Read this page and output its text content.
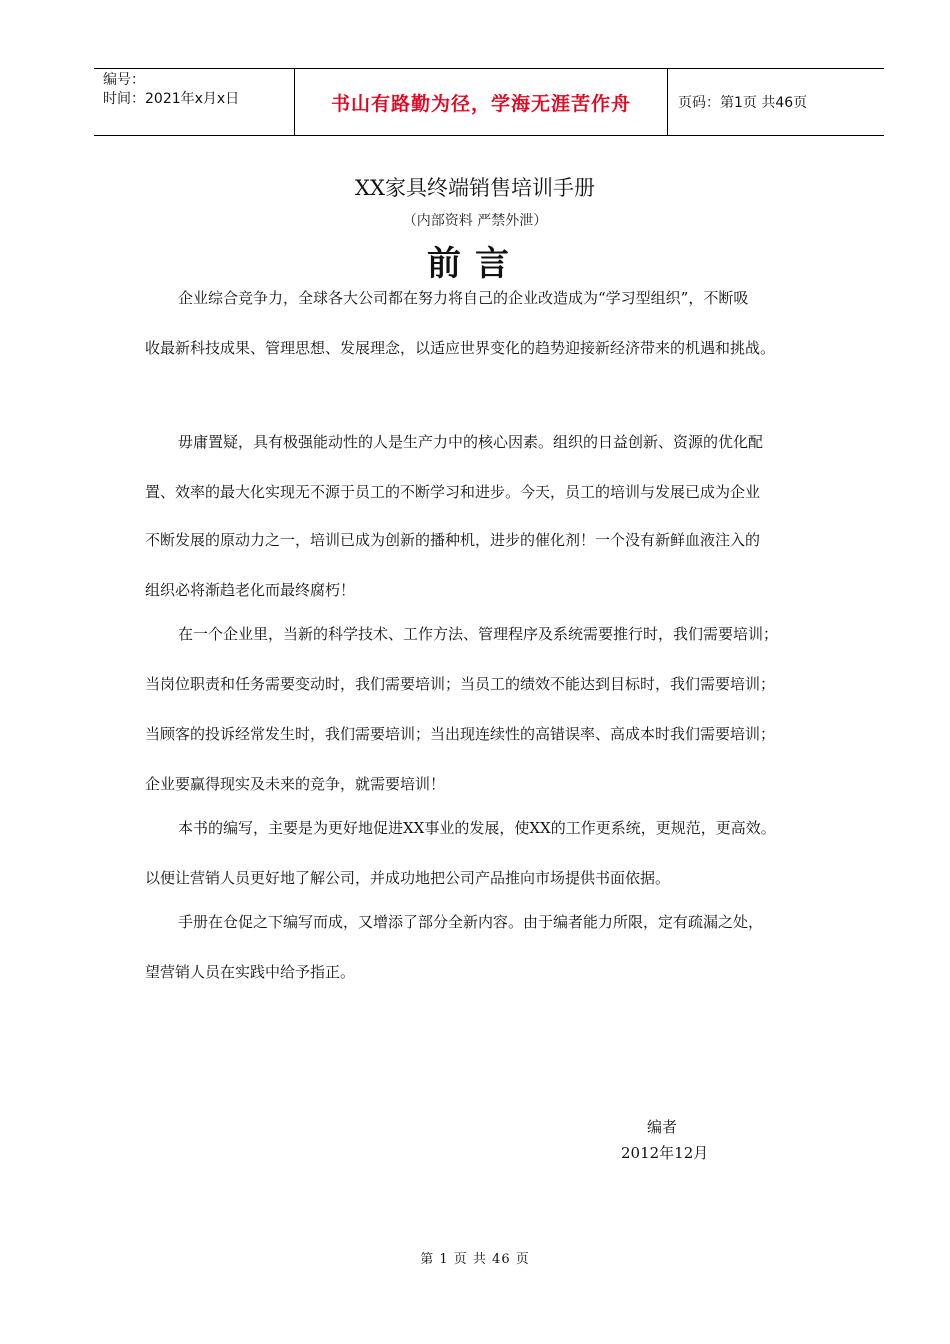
编号：
时间：2021年x月x日	书山有路勤为径，学海无涯苦作舟	页码：第1页 共46页
XX家具终端销售培训手册
（内部资料 严禁外泄）
前言
企业综合竞争力，全球各大公司都在努力将自己的企业改造成为“学习型组织”，不断吸
收最新科技成果、管理思想、发展理念，以适应世界变化的趋势迎接新经济带来的机遇和挑战。
毋庸置疑，具有极强能动性的人是生产力中的核心因素。组织的日益创新、资源的优化配
置、效率的最大化实现无不源于员工的不断学习和进步。今天，员工的培训与发展已成为企业
不断发展的原动力之一，培训已成为创新的播种机，进步的催化剂！一个没有新鲜血液注入的
组织必将渐趋老化而最终腐朽！
在一个企业里，当新的科学技术、工作方法、管理程序及系统需要推行时，我们需要培训；
当岗位职责和任务需要变动时，我们需要培训；当员工的绩效不能达到目标时，我们需要培训；
当顾客的投诉经常发生时，我们需要培训；当出现连续性的高错误率、高成本时我们需要培训；
企业要赢得现实及未来的竞争，就需要培训！
本书的编写，主要是为更好地促进XX事业的发展，使XX的工作更系统，更规范，更高效。
以便让营销人员更好地了解公司，并成功地把公司产品推向市场提供书面依据。
手册在仓促之下编写而成，又增添了部分全新内容。由于编者能力所限，定有疏漏之处，
望营销人员在实践中给予指正。
编者
2012年12月
第 1 页 共 46 页
